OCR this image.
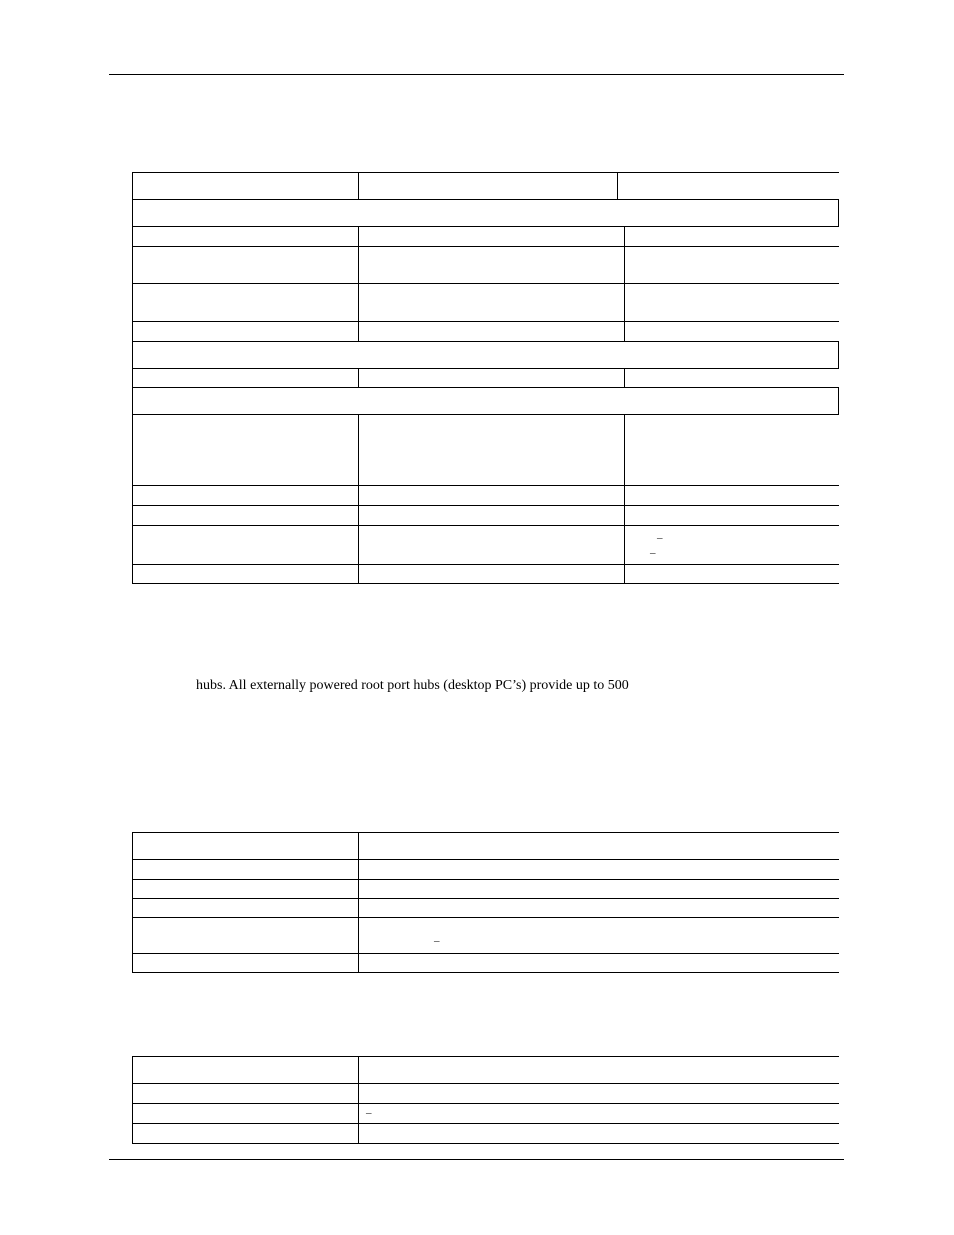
–
–
hubs. All externally powered root port hubs (desktop PC’s) provide up to 500
–
–
